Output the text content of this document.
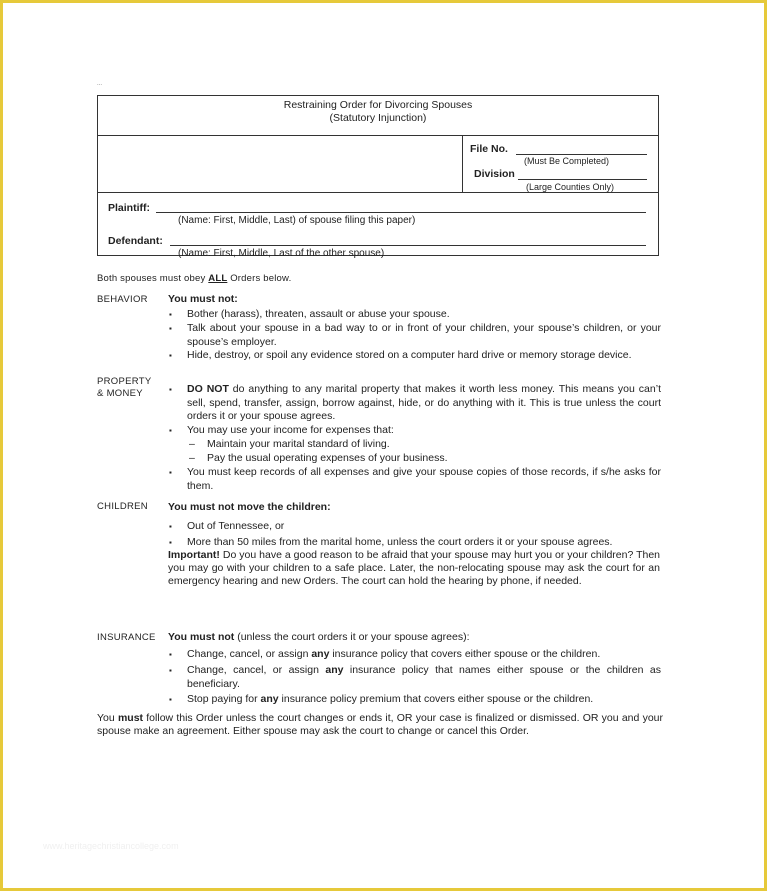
...
Restraining Order for Divorcing Spouses
(Statutory Injunction)
File No.
(Must Be Completed)
Division
(Large Counties Only)
Plaintiff:
(Name: First, Middle, Last) of spouse filing this paper)
Defendant:
(Name: First, Middle, Last of the other spouse)
Both spouses must obey ALL Orders below.
BEHAVIOR You must not:
▪ Bother (harass), threaten, assault or abuse your spouse.
▪ Talk about your spouse in a bad way to or in front of your children, your spouse’s children, or your spouse’s employer.
▪ Hide, destroy, or spoil any evidence stored on a computer hard drive or memory storage device.
PROPERTY
& MONEY	▪ DO NOT do anything to any marital property that makes it worth less money. This means you can’t sell, spend, transfer, assign, borrow against, hide, or do anything with it. This is true unless the court orders it or your spouse agrees.
▪ You may use your income for expenses that:
– Maintain your marital standard of living.
– Pay the usual operating expenses of your business.
▪ You must keep records of all expenses and give your spouse copies of those records, if s/he asks for them.
CHILDREN You must not move the children:
▪ Out of Tennessee, or
▪ More than 50 miles from the marital home, unless the court orders it or your spouse agrees.
Important! Do you have a good reason to be afraid that your spouse may hurt you or your children? Then you may go with your children to a safe place. Later, the non-relocating spouse may ask the court for an emergency hearing and new Orders. The court can hold the hearing by phone, if needed.
INSURANCE You must not (unless the court orders it or your spouse agrees):
▪ Change, cancel, or assign any insurance policy that covers either spouse or the children.
▪ Change, cancel, or assign any insurance policy that names either spouse or the children as beneficiary.
▪ Stop paying for any insurance policy premium that covers either spouse or the children.
You must follow this Order unless the court changes or ends it, OR your case is finalized or dismissed. OR you and your spouse make an agreement. Either spouse may ask the court to change or cancel this Order.
www.heritagechristiancollege.com
